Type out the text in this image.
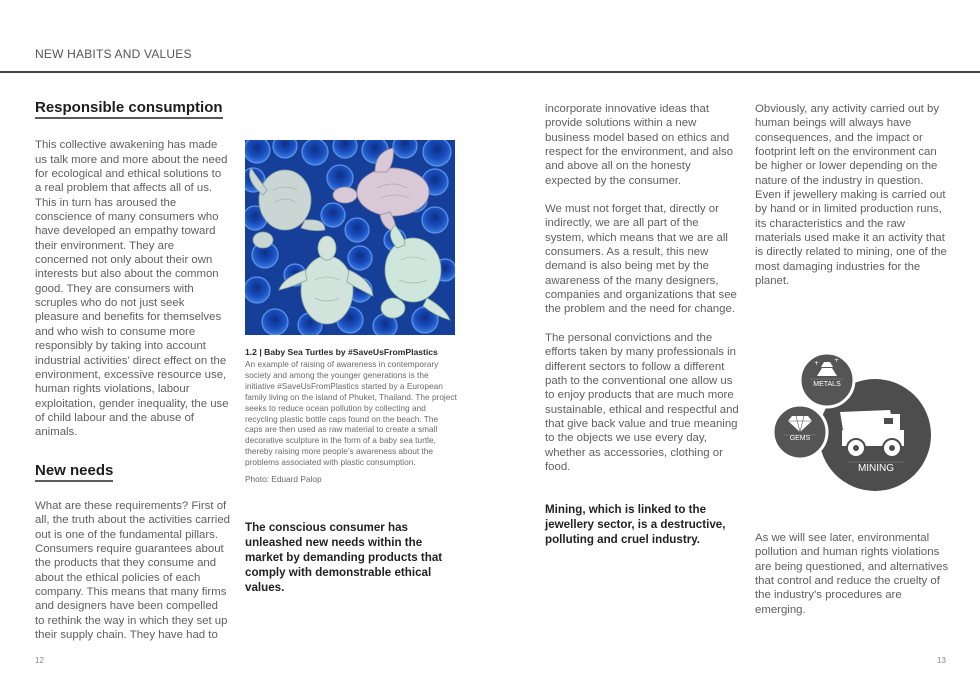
NEW HABITS AND VALUES
Responsible consumption

This collective awakening has made us talk more and more about the need for ecological and ethical solutions to a real problem that affects all of us. This in turn has aroused the conscience of many consumers who have developed an empathy toward their environment. They are concerned not only about their own interests but also about the common good. They are consumers with scruples who do not just seek pleasure and benefits for themselves and who wish to consume more responsibly by taking into account industrial activities’ direct effect on the environment, excessive resource use, human rights violations, labour exploitation, gender inequality, the use of child labour and the abuse of animals.

New needs

What are these requirements? First of all, the truth about the activities carried out is one of the fundamental pillars. Consumers require guarantees about the products that they consume and about the ethical policies of each company. This means that many firms and designers have been compelled to rethink the way in which they set up their supply chain. They have had to

1.2 | Baby Sea Turtles by #SaveUsFromPlastics
An example of raising of awareness in contemporary society and among the younger generations is the initiative #SaveUsFromPlastics started by a European family living on the island of Phuket, Thailand. The project seeks to reduce ocean pollution by collecting and recycling plastic bottle caps found on the beach. The caps are then used as raw material to create a small decorative sculpture in the form of a baby sea turtle, thereby raising more people’s awareness about the problems associated with plastic consumption.
Photo: Eduard Palop
The conscious consumer has unleashed new needs within the market by demanding products that comply with demonstrable ethical values.

incorporate innovative ideas that provide solutions within a new business model based on ethics and respect for the environment, and also and above all on the honesty expected by the consumer.

We must not forget that, directly or indirectly, we are all part of the system, which means that we are all consumers. As a result, this new demand is also being met by the awareness of the many designers, companies and organizations that see the problem and the need for change.

The personal convictions and the efforts taken by many professionals in different sectors to follow a different path to the conventional one allow us to enjoy products that are much more sustainable, ethical and respectful and that give back value and true meaning to the objects we use every day, whether as accessories, clothing or food.

Mining, which is linked to the jewellery sector, is a destructive, polluting and cruel industry.

Obviously, any activity carried out by human beings will always have consequences, and the impact or footprint left on the environment can be higher or lower depending on the nature of the industry in question. Even if jewellery making is carried out by hand or in limited production runs, its characteristics and the raw materials used make it an activity that is directly related to mining, one of the most damaging industries for the planet.

+ +
METALS
GEMS
MINING

As we will see later, environmental pollution and human rights violations are being questioned, and alternatives that control and reduce the cruelty of the industry’s procedures are emerging.

12	13
